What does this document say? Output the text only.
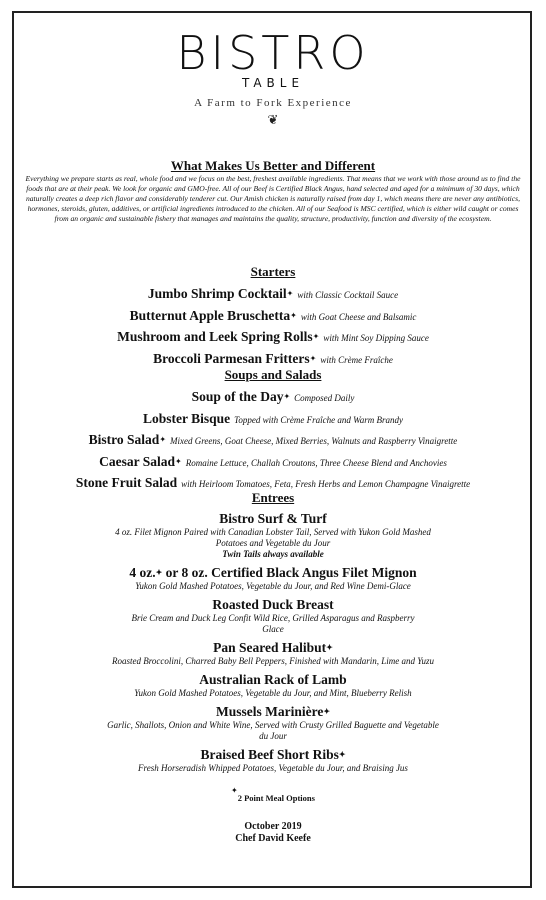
BISTRO
TABLE
A Farm to Fork Experience
❦
What Makes Us Better and Different
Everything we prepare starts as real, whole food and we focus on the best, freshest available ingredients. That means that we work with those around us to find the foods that are at their peak. We look for organic and GMO-free. All of our Beef is Certified Black Angus, hand selected and aged for a minimum of 30 days, which naturally creates a deep rich flavor and considerably tenderer cut. Our Amish chicken is naturally raised from day 1, which means there are never any antibiotics, hormones, steroids, gluten, additives, or artificial ingredients introduced to the chicken. All of our Seafood is MSC certified, which is either wild caught or comes from an organic and sustainable fishery that manages and maintains the quality, structure, productivity, function and diversity of the ecosystem.
Starters
Jumbo Shrimp Cocktail✦ with Classic Cocktail Sauce
Butternut Apple Bruschetta✦ with Goat Cheese and Balsamic
Mushroom and Leek Spring Rolls✦ with Mint Soy Dipping Sauce
Broccoli Parmesan Fritters✦ with Crème Fraîche
Soups and Salads
Soup of the Day✦ Composed Daily
Lobster Bisque Topped with Crème Fraîche and Warm Brandy
Bistro Salad✦ Mixed Greens, Goat Cheese, Mixed Berries, Walnuts and Raspberry Vinaigrette
Caesar Salad✦ Romaine Lettuce, Challah Croutons, Three Cheese Blend and Anchovies
Stone Fruit Salad with Heirloom Tomatoes, Feta, Fresh Herbs and Lemon Champagne Vinaigrette
Entrees
Bistro Surf & Turf
4 oz. Filet Mignon Paired with Canadian Lobster Tail, Served with Yukon Gold Mashed Potatoes and Vegetable du Jour
Twin Tails always available
4 oz.✦ or 8 oz. Certified Black Angus Filet Mignon
Yukon Gold Mashed Potatoes, Vegetable du Jour, and Red Wine Demi-Glace
Roasted Duck Breast
Brie Cream and Duck Leg Confit Wild Rice, Grilled Asparagus and Raspberry Glace
Pan Seared Halibut✦
Roasted Broccolini, Charred Baby Bell Peppers, Finished with Mandarin, Lime and Yuzu
Australian Rack of Lamb
Yukon Gold Mashed Potatoes, Vegetable du Jour, and Mint, Blueberry Relish
Mussels Marinière✦
Garlic, Shallots, Onion and White Wine, Served with Crusty Grilled Baguette and Vegetable du Jour
Braised Beef Short Ribs✦
Fresh Horseradish Whipped Potatoes, Vegetable du Jour, and Braising Jus
✦2 Point Meal Options
October 2019
Chef David Keefe
